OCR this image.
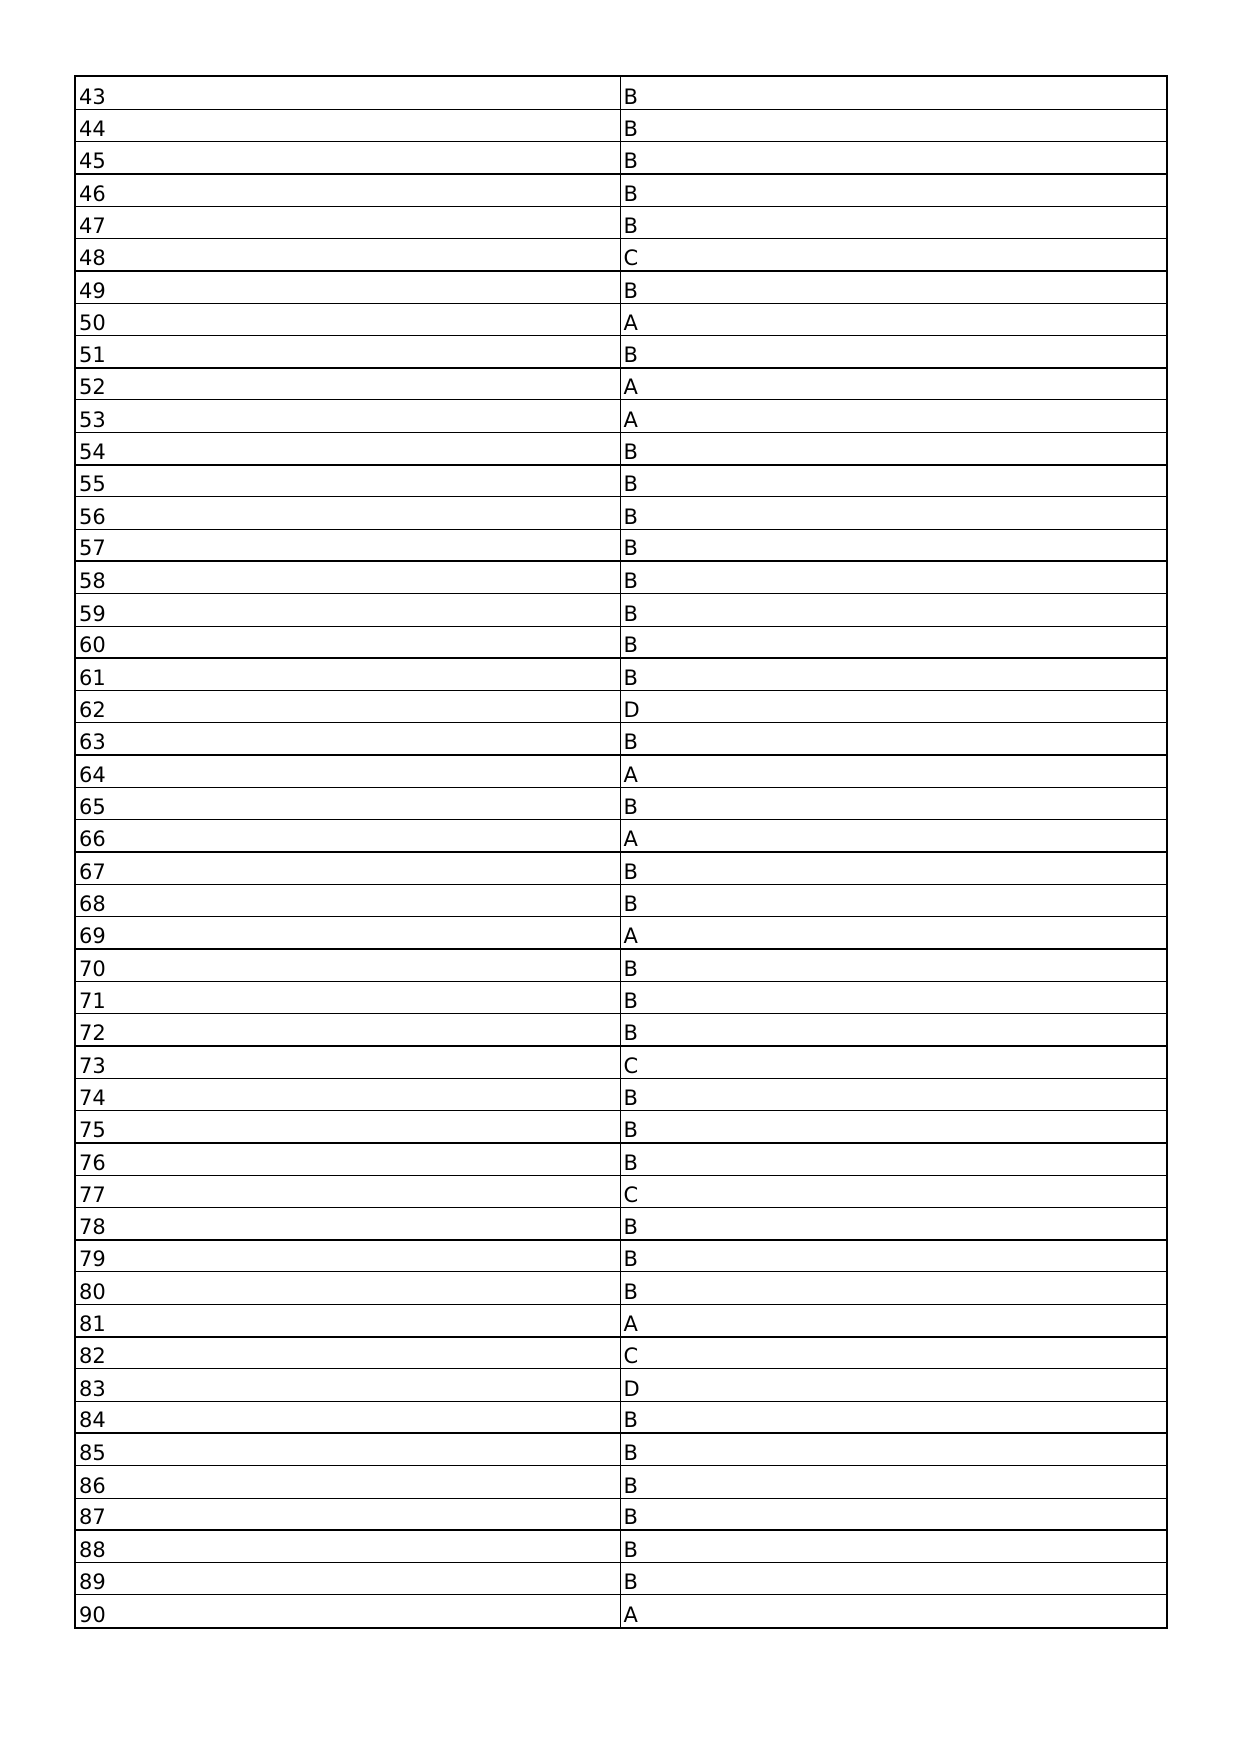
43	B
44	B
45	B
46	B
47	B
48	C
49	B
50	A
51	B
52	A
53	A
54	B
55	B
56	B
57	B
58	B
59	B
60	B
61	B
62	D
63	B
64	A
65	B
66	A
67	B
68	B
69	A
70	B
71	B
72	B
73	C
74	B
75	B
76	B
77	C
78	B
79	B
80	B
81	A
82	C
83	D
84	B
85	B
86	B
87	B
88	B
89	B
90	A
